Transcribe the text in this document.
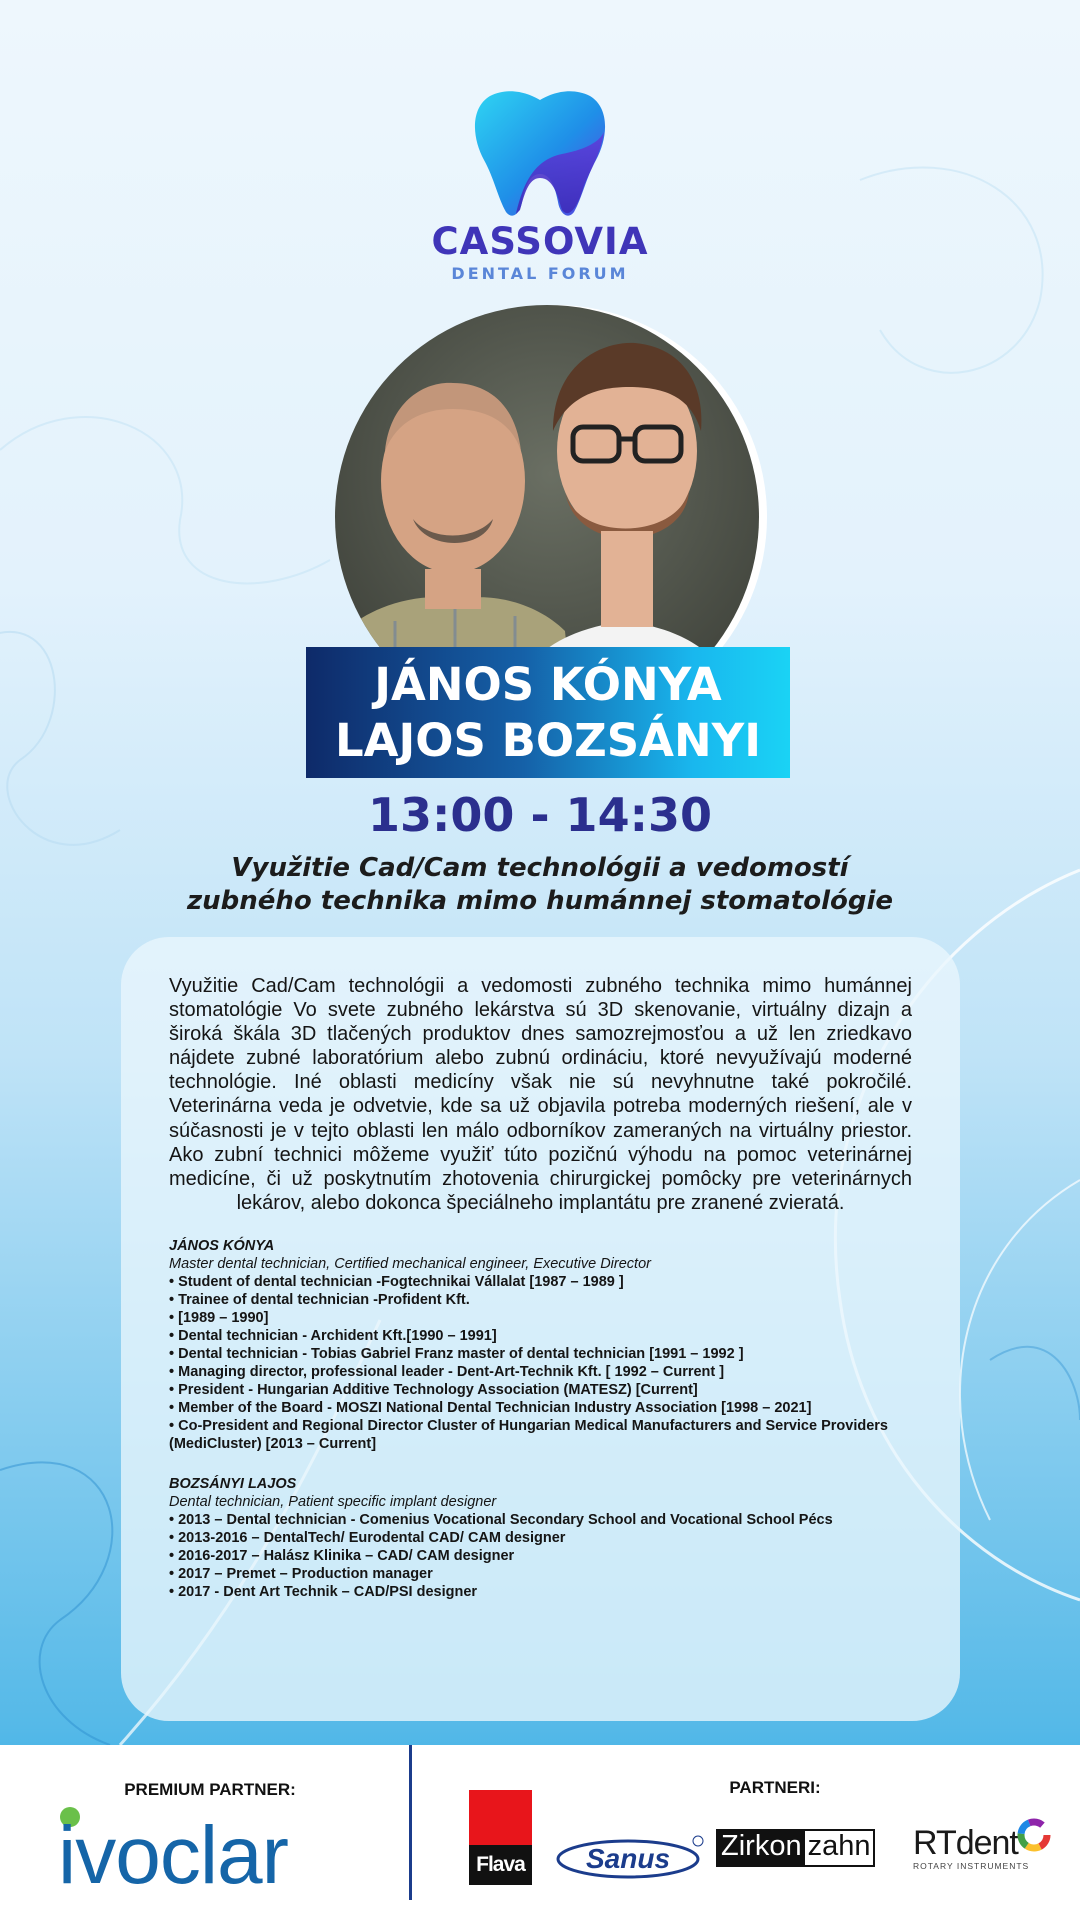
CASSOVIA
DENTAL FORUM
JÁNOS KÓNYA
LAJOS BOZSÁNYI
13:00 - 14:30
Využitie Cad/Cam technológii a vedomostí
zubného technika mimo humánnej stomatológie

Využitie Cad/Cam technológii a vedomosti zubného technika mimo humánnej stomatológie Vo svete zubného lekárstva sú 3D skenovanie, virtuálny dizajn a široká škála 3D tlačených produktov dnes samozrejmosťou a už len zriedkavo nájdete zubné laboratórium alebo zubnú ordináciu, ktoré nevyužívajú moderné technológie. Iné oblasti medicíny však nie sú nevyhnutne také pokročilé. Veterinárna veda je odvetvie, kde sa už objavila potreba moderných riešení, ale v súčasnosti je v tejto oblasti len málo odborníkov zameraných na virtuálny priestor. Ako zubní technici môžeme využiť túto pozičnú výhodu na pomoc veterinárnej medicíne, či už poskytnutím zhotovenia chirurgickej pomôcky pre veterinárnych lekárov, alebo dokonca špeciálneho implantátu pre zranené zvieratá.

JÁNOS KÓNYA
Master dental technician, Certified mechanical engineer, Executive Director
• Student of dental technician -Fogtechnikai Vállalat [1987 – 1989 ]
• Trainee of dental technician -Profident Kft.
• [1989 – 1990]
• Dental technician - Archident Kft.[1990 – 1991]
• Dental technician - Tobias Gabriel Franz master of dental technician [1991 – 1992 ]
• Managing director, professional leader - Dent-Art-Technik Kft. [ 1992 – Current ]
• President - Hungarian Additive Technology Association (MATESZ) [Current]
• Member of the Board - MOSZI National Dental Technician Industry Association [1998 – 2021]
• Co-President and Regional Director Cluster of Hungarian Medical Manufacturers and Service Providers
(MediCluster) [2013 – Current]
BOZSÁNYI LAJOS
Dental technician, Patient specific implant designer
• 2013 – Dental technician - Comenius Vocational Secondary School and Vocational School Pécs
• 2013-2016 – DentalTech/ Eurodental CAD/ CAM designer
• 2016-2017 – Halász Klinika – CAD/ CAM designer
• 2017 – Premet – Production manager
• 2017 - Dent Art Technik – CAD/PSI designer
PREMIUM PARTNER:
ivoclar
PARTNERI:
Flava Sanus Zirkon zahn RTdent
ROTARY INSTRUMENTS
